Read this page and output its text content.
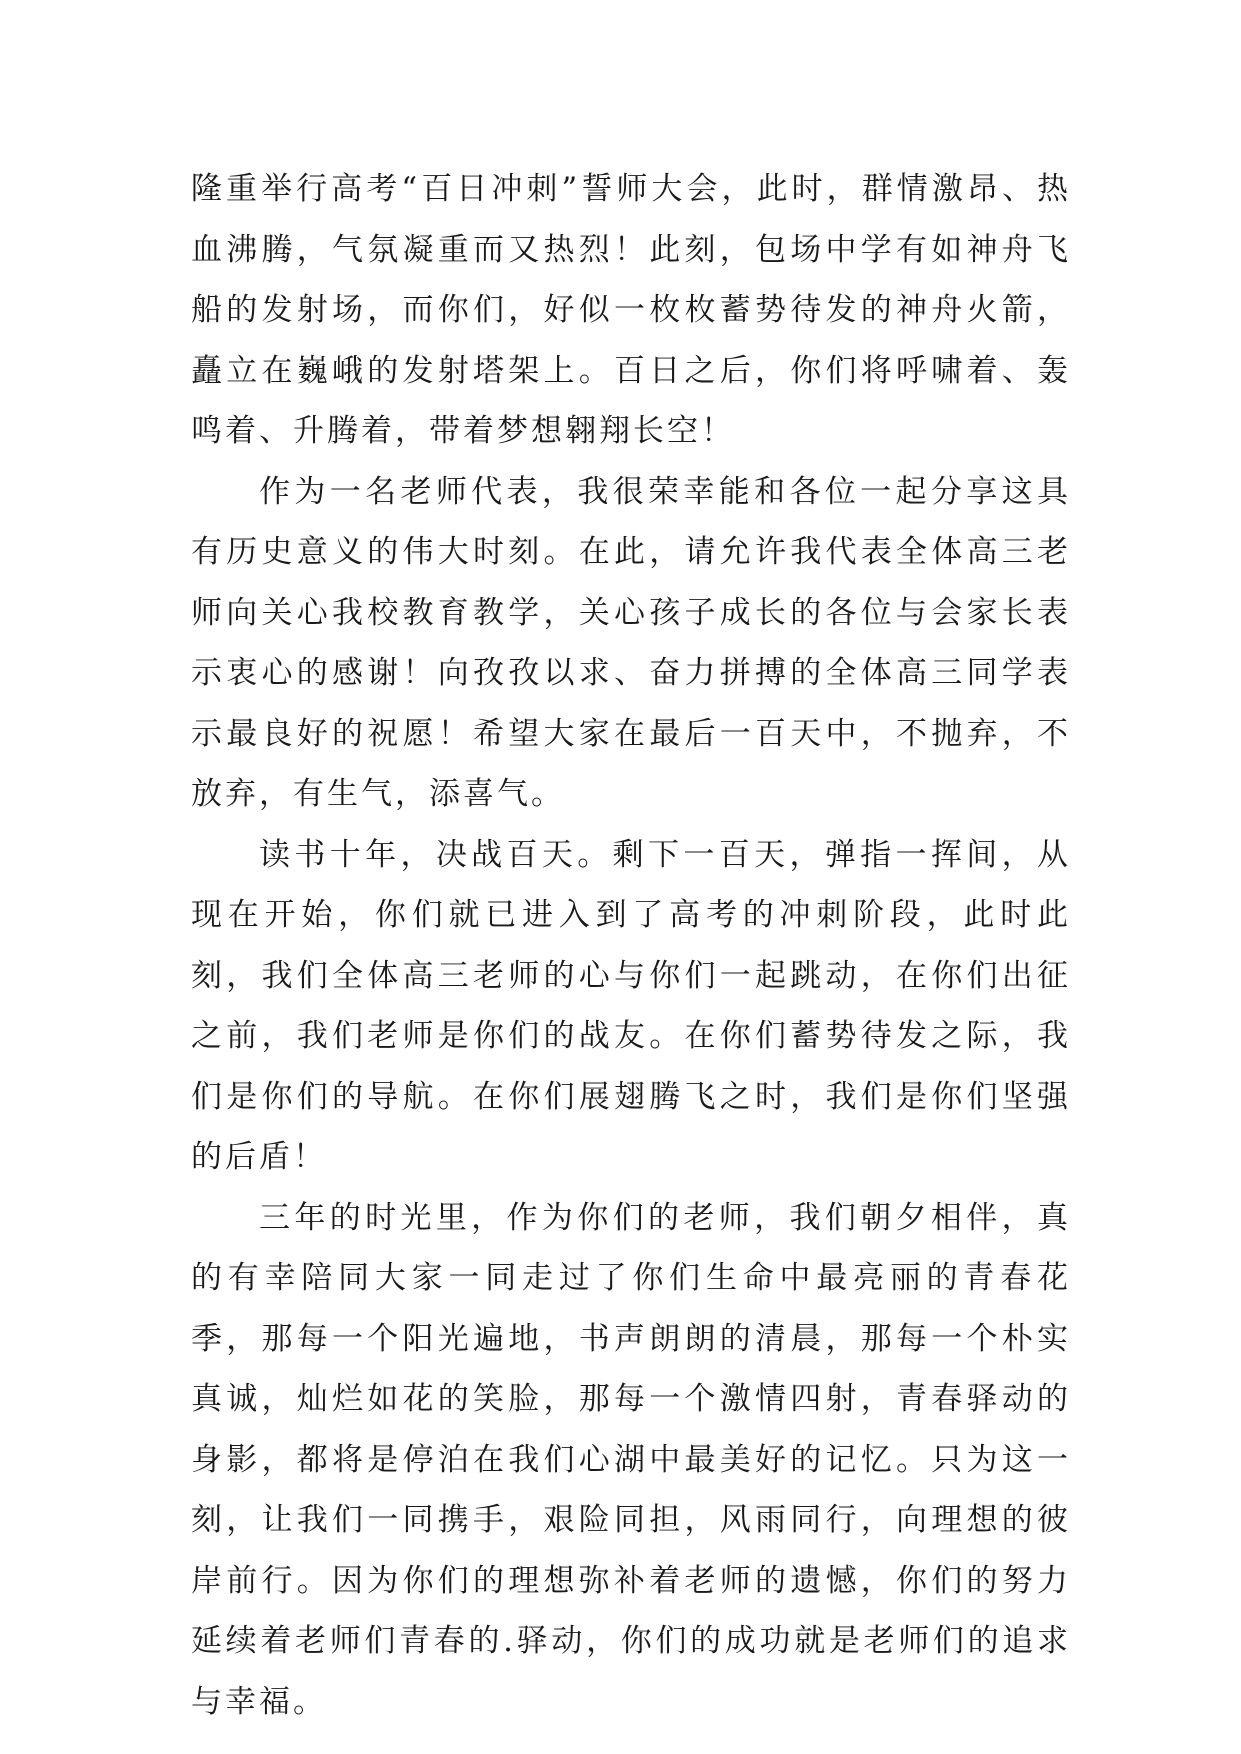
隆重举行高考“百日冲刺”誓师大会，此时，群情激昂、热血沸腾，气氛凝重而又热烈！此刻，包场中学有如神舟飞船的发射场，而你们，好似一枚枚蓄势待发的神舟火箭，矗立在巍峨的发射塔架上。百日之后，你们将呼啸着、轰鸣着、升腾着，带着梦想翱翔长空！

作为一名老师代表，我很荣幸能和各位一起分享这具有历史意义的伟大时刻。在此，请允许我代表全体高三老师向关心我校教育教学，关心孩子成长的各位与会家长表示衷心的感谢！向孜孜以求、奋力拼搏的全体高三同学表示最良好的祝愿！希望大家在最后一百天中，不抛弃，不放弃，有生气，添喜气。

读书十年，决战百天。剩下一百天，弹指一挥间，从现在开始，你们就已进入到了高考的冲刺阶段，此时此刻，我们全体高三老师的心与你们一起跳动，在你们出征之前，我们老师是你们的战友。在你们蓄势待发之际，我们是你们的导航。在你们展翅腾飞之时，我们是你们坚强的后盾！

三年的时光里，作为你们的老师，我们朝夕相伴，真的有幸陪同大家一同走过了你们生命中最亮丽的青春花季，那每一个阳光遍地，书声朗朗的清晨，那每一个朴实真诚，灿烂如花的笑脸，那每一个激情四射，青春驿动的身影，都将是停泊在我们心湖中最美好的记忆。只为这一刻，让我们一同携手，艰险同担，风雨同行，向理想的彼岸前行。因为你们的理想弥补着老师的遗憾，你们的努力延续着老师们青春的.驿动，你们的成功就是老师们的追求与幸福。
